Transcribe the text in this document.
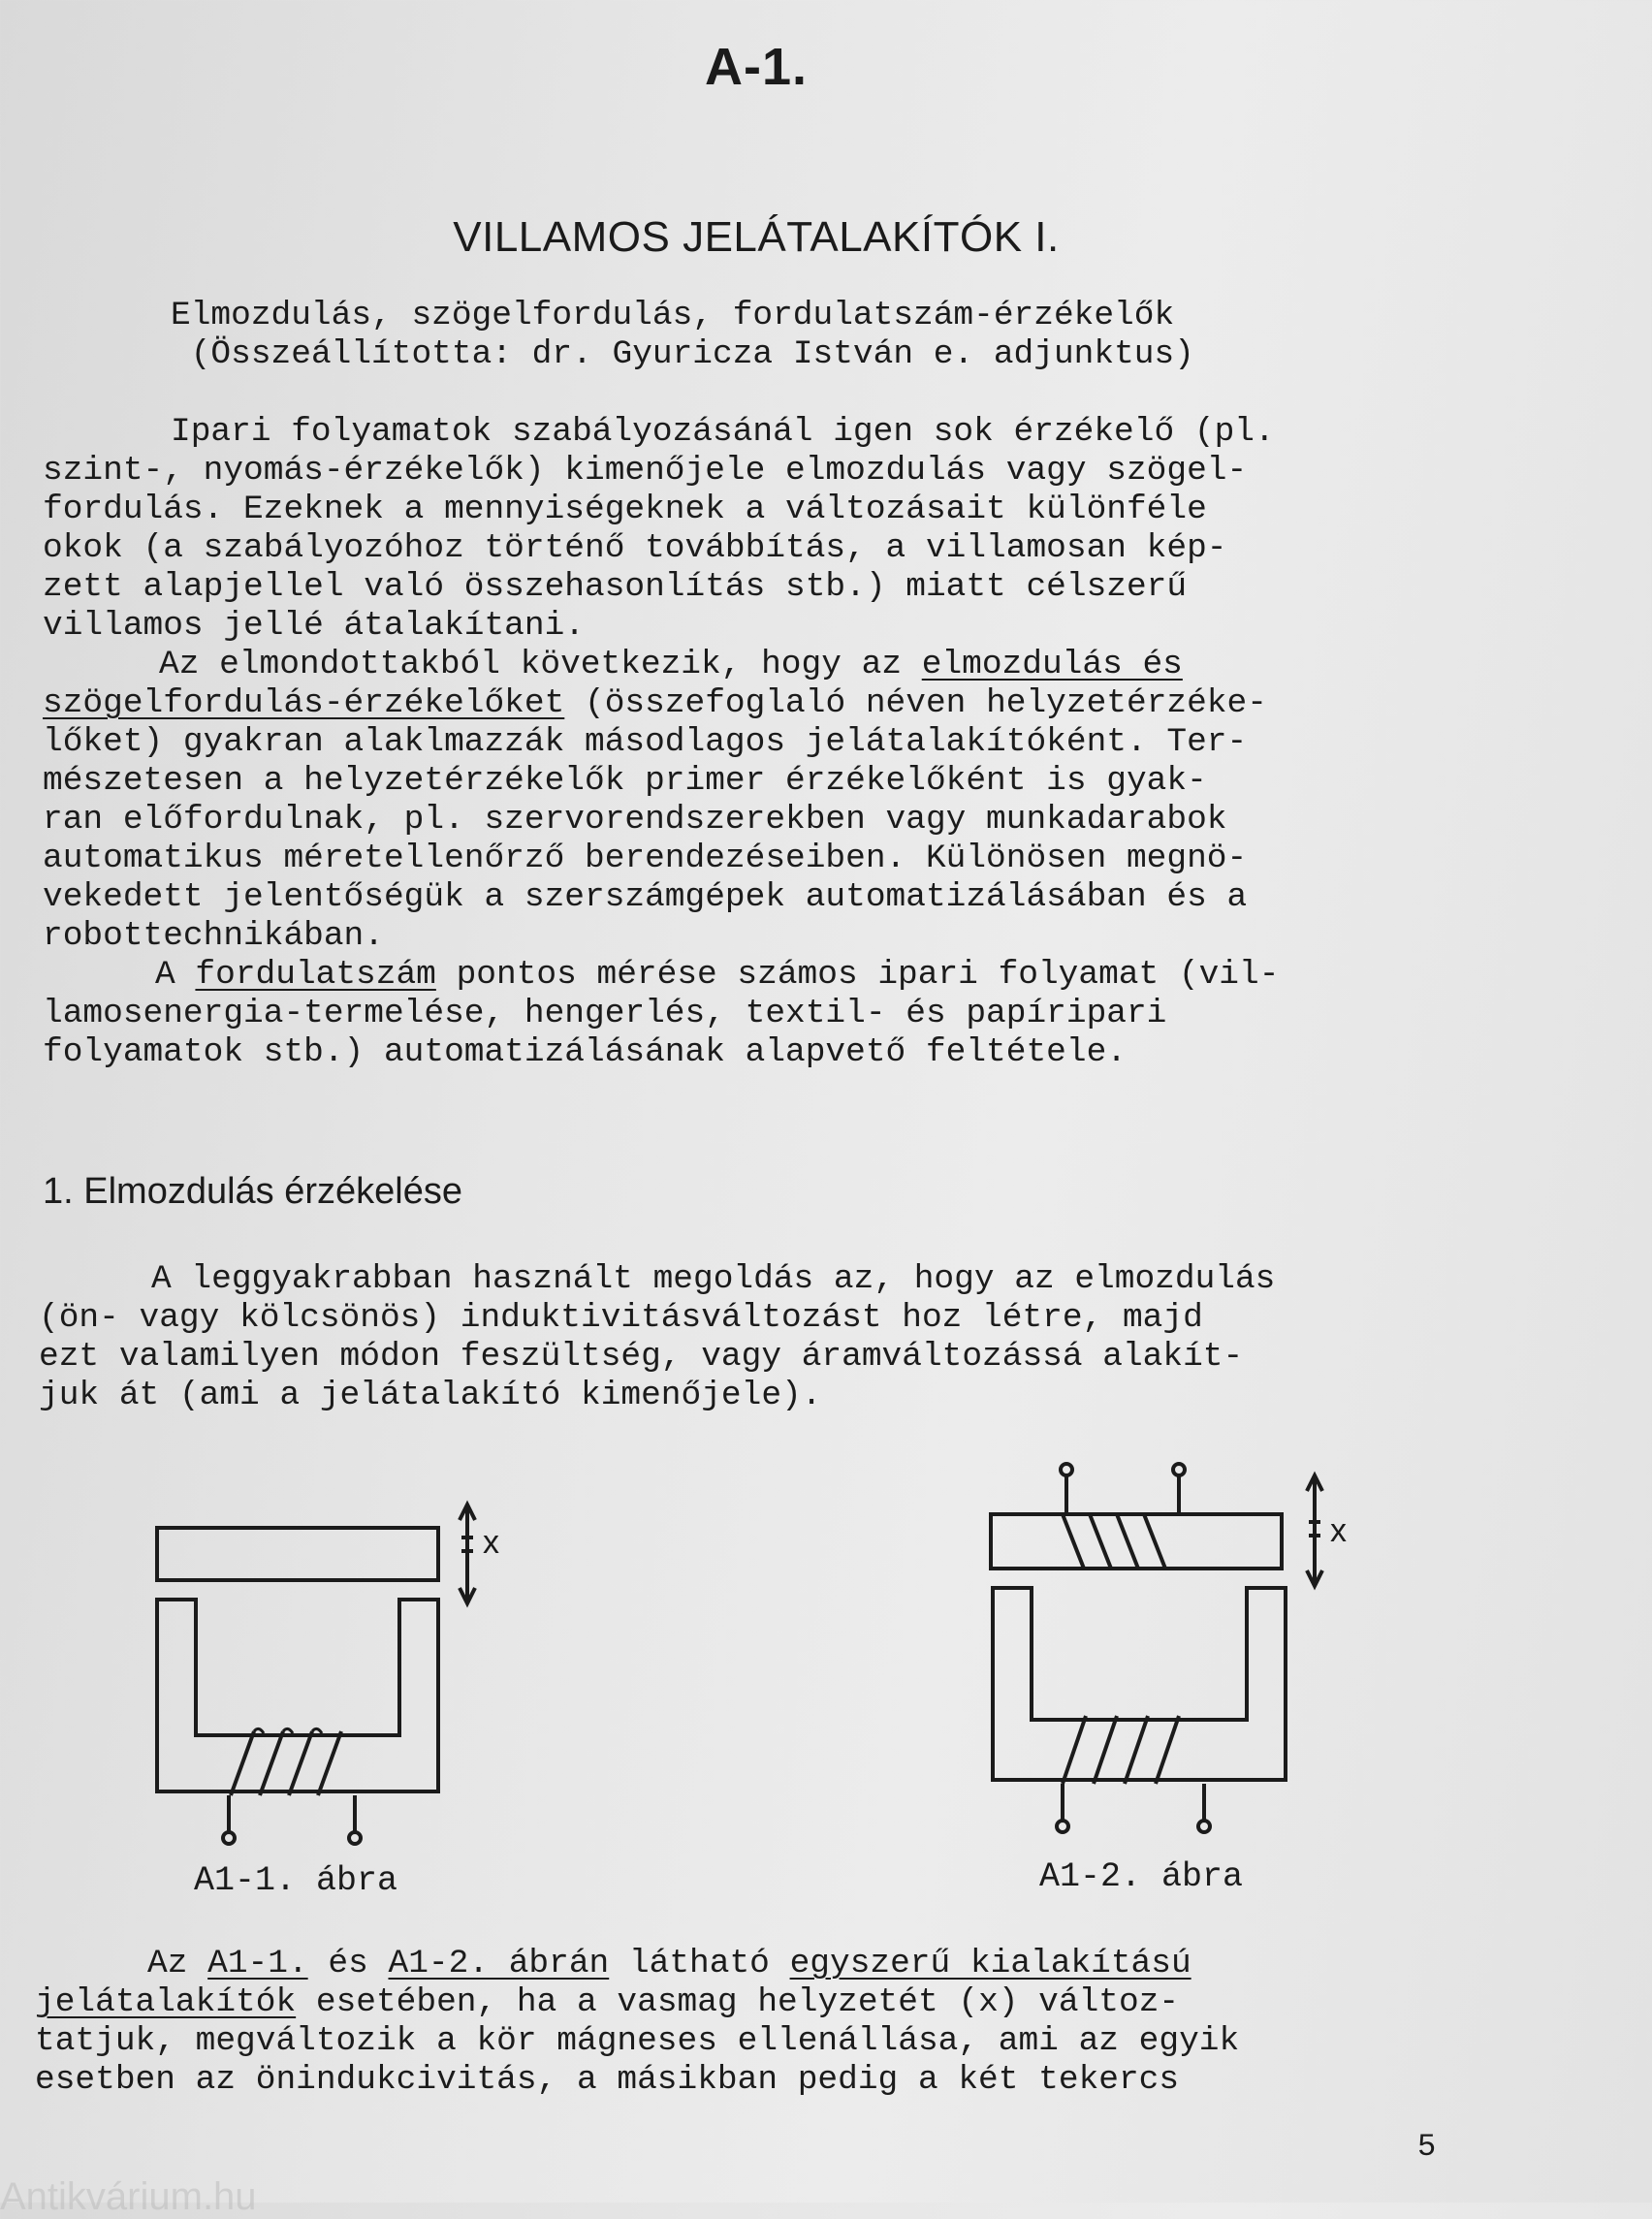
A-1.
VILLAMOS JELÁTALAKÍTÓK I.
Elmozdulás, szögelfordulás, fordulatszám-érzékelők
(Összeállította: dr. Gyuricza István e. adjunktus)
Ipari folyamatok szabályozásánál igen sok érzékelő (pl.
szint-, nyomás-érzékelők) kimenőjele elmozdulás vagy szögel-
fordulás. Ezeknek a mennyiségeknek a változásait különféle
okok (a szabályozóhoz történő továbbítás, a villamosan kép-
zett alapjellel való összehasonlítás stb.) miatt célszerű
villamos jellé átalakítani.
Az elmondottakból következik, hogy az elmozdulás és
szögelfordulás-érzékelőket (összefoglaló néven helyzetérzéke-
lőket) gyakran alaklmazzák másodlagos jelátalakítóként. Ter-
mészetesen a helyzetérzékelők primer érzékelőként is gyak-
ran előfordulnak, pl. szervorendszerekben vagy munkadarabok
automatikus méretellenőrző berendezéseiben. Különösen megnö-
vekedett jelentőségük a szerszámgépek automatizálásában és a
robottechnikában.
A fordulatszám pontos mérése számos ipari folyamat (vil-
lamosenergia-termelése, hengerlés, textil- és papíripari
folyamatok stb.) automatizálásának alapvető feltétele.
1. Elmozdulás érzékelése
A leggyakrabban használt megoldás az, hogy az elmozdulás
(ön- vagy kölcsönös) induktivitásváltozást hoz létre, majd
ezt valamilyen módon feszültség, vagy áramváltozássá alakít-
juk át (ami a jelátalakító kimenőjele).
x
A1-1. ábra
x
A1-2. ábra
Az A1-1. és A1-2. ábrán látható egyszerű kialakítású
jelátalakítók esetében, ha a vasmag helyzetét (x) változ-
tatjuk, megváltozik a kör mágneses ellenállása, ami az egyik
esetben az önindukcivitás, a másikban pedig a két tekercs
5
Antikvárium.hu
